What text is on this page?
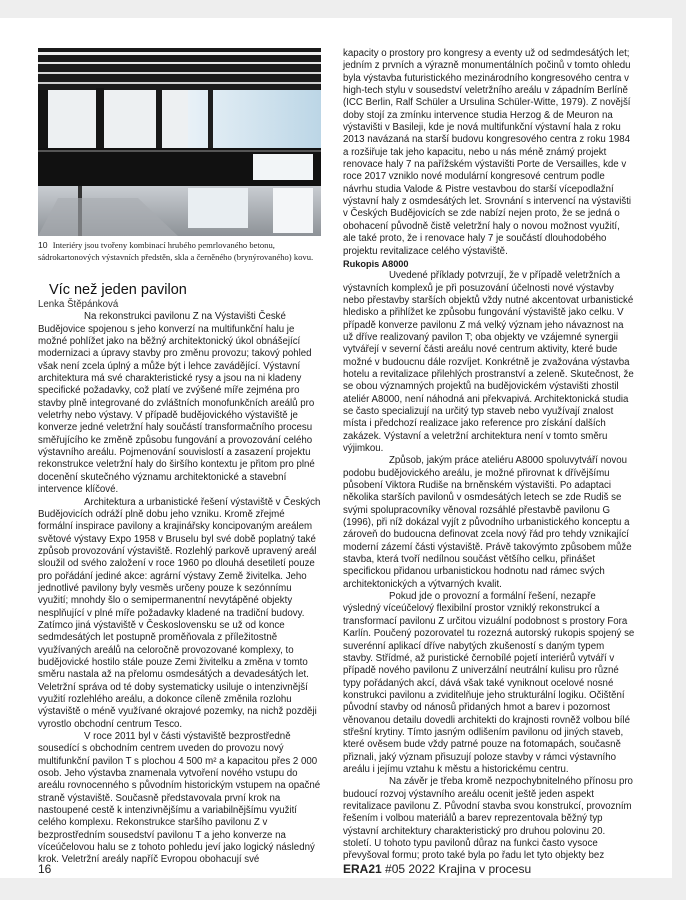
10 Interiéry jsou tvořeny kombinací hrubého pemrlovaného betonu, sádrokartonových výstavních předstěn, skla a černěného (brynýrovaného) kovu.
Víc než jeden pavilon

Lenka Štěpánková

Na rekonstrukci pavilonu Z na Výstavišti České Budějovice spojenou s jeho konverzí na multifunkční halu je možné pohlížet jako na běžný architektonický úkol obnášející modernizaci a úpravy stavby pro změnu provozu; takový pohled však není zcela úplný a může být i lehce zavádějící. Výstavní architektura má své charakteristické rysy a jsou na ni kladeny specifické požadavky, což platí ve zvýšené míře zejména pro stavby plně integrované do zvláštních monofunkčních areálů pro veletrhy nebo výstavy. V případě budějovického výstaviště je konverze jedné veletržní haly součástí transformačního procesu směřujícího ke změně způsobu fungování a provozování celého výstavního areálu. Pojmenování souvislostí a zasazení projektu rekonstrukce veletržní haly do širšího kontextu je přitom pro plné docenění skutečného významu architektonické a stavební intervence klíčové.

Architektura a urbanistické řešení výstaviště v Českých Budějovicích odráží plně dobu jeho vzniku. Kromě zřejmé formální inspirace pavilony a krajinářsky koncipovaným areálem světové výstavy Expo 1958 v Bruselu byl své době poplatný také způsob provozování výstaviště. Rozlehlý parkově upravený areál sloužil od svého založení v roce 1960 po dlouhá desetiletí pouze pro pořádání jediné akce: agrární výstavy Země živitelka. Jeho jednotlivé pavilony byly vesměs určeny pouze k sezónnímu využití; mnohdy šlo o semipermanentní nevytápěné objekty nesplňující v plné míře požadavky kladené na tradiční budovy. Zatímco jiná výstaviště v Československu se už od konce sedmdesátých let postupně proměňovala z příležitostně využívaných areálů na celoročně provozované komplexy, to budějovické hostilo stále pouze Zemi živitelku a změna v tomto směru nastala až na přelomu osmdesátých a devadesátých let. Veletržní správa od té doby systematicky usiluje o intenzivnější využití rozlehlého areálu, a dokonce cíleně změnila rozlohu výstaviště o méně využívané okrajové pozemky, na nichž později vyrostlo obchodní centrum Tesco.

V roce 2011 byl v části výstaviště bezprostředně sousedící s obchodním centrem uveden do provozu nový multifunkční pavilon T s plochou 4 500 m² a kapacitou přes 2 000 osob. Jeho výstavba znamenala vytvoření nového vstupu do areálu rovnocenného s původním historickým vstupem na opačné straně výstaviště. Současně představovala první krok na nastoupené cestě k intenzivnějšímu a variabilnějšímu využití celého komplexu. Rekonstrukce staršího pavilonu Z v bezprostředním sousedství pavilonu T a jeho konverze na víceúčelovou halu se z tohoto pohledu jeví jako logický následný krok. Veletržní areály napříč Evropou obohacují své

kapacity o prostory pro kongresy a eventy už od sedmdesátých let; jedním z prvních a výrazně monumentálních počinů v tomto ohledu byla výstavba futuristického mezinárodního kongresového centra v high-tech stylu v sousedství veletržního areálu v západním Berlíně (ICC Berlin, Ralf Schüler a Ursulina Schüler-Witte, 1979). Z novější doby stojí za zmínku intervence studia Herzog & de Meuron na výstavišti v Basileji, kde je nová multifunkční výstavní hala z roku 2013 navázaná na starší budovu kongresového centra z roku 1984 a rozšiřuje tak jeho kapacitu, nebo u nás méně známý projekt renovace haly 7 na pařížském výstavišti Porte de Versailles, kde v roce 2017 vzniklo nové modulární kongresové centrum podle návrhu studia Valode & Pistre vestavbou do starší vícepodlažní výstavní haly z osmdesátých let. Srovnání s intervencí na výstavišti v Českých Budějovicích se zde nabízí nejen proto, že se jedná o obohacení původně čistě veletržní haly o novou možnost využití, ale také proto, že i renovace haly 7 je součástí dlouhodobého projektu revitalizace celého výstaviště.

Rukopis A8000

Uvedené příklady potvrzují, že v případě veletržních a výstavních komplexů je při posuzování účelnosti nové výstavby nebo přestavby starších objektů vždy nutné akcentovat urbanistické hledisko a přihlížet ke způsobu fungování výstaviště jako celku. V případě konverze pavilonu Z má velký význam jeho návaznost na už dříve realizovaný pavilon T; oba objekty ve vzájemné synergii vytvářejí v severní části areálu nové centrum aktivity, které bude možné v budoucnu dále rozvíjet. Konkrétně je zvažována výstavba hotelu a revitalizace přilehlých prostranství a zeleně. Skutečnost, že se obou významných projektů na budějovickém výstavišti zhostil ateliér A8000, není náhodná ani překvapivá. Architektonická studia se často specializují na určitý typ staveb nebo využívají znalost místa i předchozí realizace jako reference pro získání dalších zakázek. Výstavní a veletržní architektura není v tomto směru výjimkou.

Způsob, jakým práce ateliéru A8000 spoluvytváří novou podobu budějovického areálu, je možné přirovnat k dřívějšímu působení Viktora Rudiše na brněnském výstavišti. Po adaptaci několika starších pavilonů v osmdesátých letech se zde Rudiš se svými spolupracovníky věnoval rozsáhlé přestavbě pavilonu G (1996), při níž dokázal vyjít z původního urbanistického konceptu a zároveň do budoucna definovat zcela nový řád pro tehdy vznikající moderní zázemí části výstaviště. Právě takovýmto způsobem může stavba, která tvoří nedílnou součást většího celku, přinášet specifickou přidanou urbanistickou hodnotu nad rámec svých architektonických a výtvarných kvalit.

Pokud jde o provozní a formální řešení, nezapře výsledný víceúčelový flexibilní prostor vzniklý rekonstrukcí a transformací pavilonu Z určitou vizuální podobnost s prostory Fora Karlín. Poučený pozorovatel tu rozezná autorský rukopis spojený se suverénní aplikací dříve nabytých zkušeností s daným typem stavby. Střídmé, až puristické černobílé pojetí interiérů vytváří v případě nového pavilonu Z univerzální neutrální kulisu pro různé typy pořádaných akcí, dává však také vyniknout ocelové nosné konstrukci pavilonu a zviditelňuje jeho strukturální logiku. Očištění původní stavby od nánosů přidaných hmot a barev i pozornost věnovanou detailu dovedli architekti do krajnosti rovněž volbou bílé střešní krytiny. Tímto jasným odlišením pavilonu od jiných staveb, které ověsem bude vždy patrné pouze na fotomapách, současně přiznali, jaký význam přisuzují poloze stavby v rámci výstavního areálu i jejímu vztahu k městu a historickému centru.

Na závěr je třeba kromě nezpochybnitelného přínosu pro budoucí rozvoj výstavního areálu ocenit ještě jeden aspekt revitalizace pavilonu Z. Původní stavba svou konstrukcí, provozním řešením i volbou materiálů a barev reprezentovala běžný typ výstavní architektury charakteristický pro druhou polovinu 20. století. U tohoto typu pavilonů důraz na funkci často vysoce převyšoval formu; proto také byla po řadu let tyto objekty bez

16	ERA21 #05 2022 Krajina v procesu
